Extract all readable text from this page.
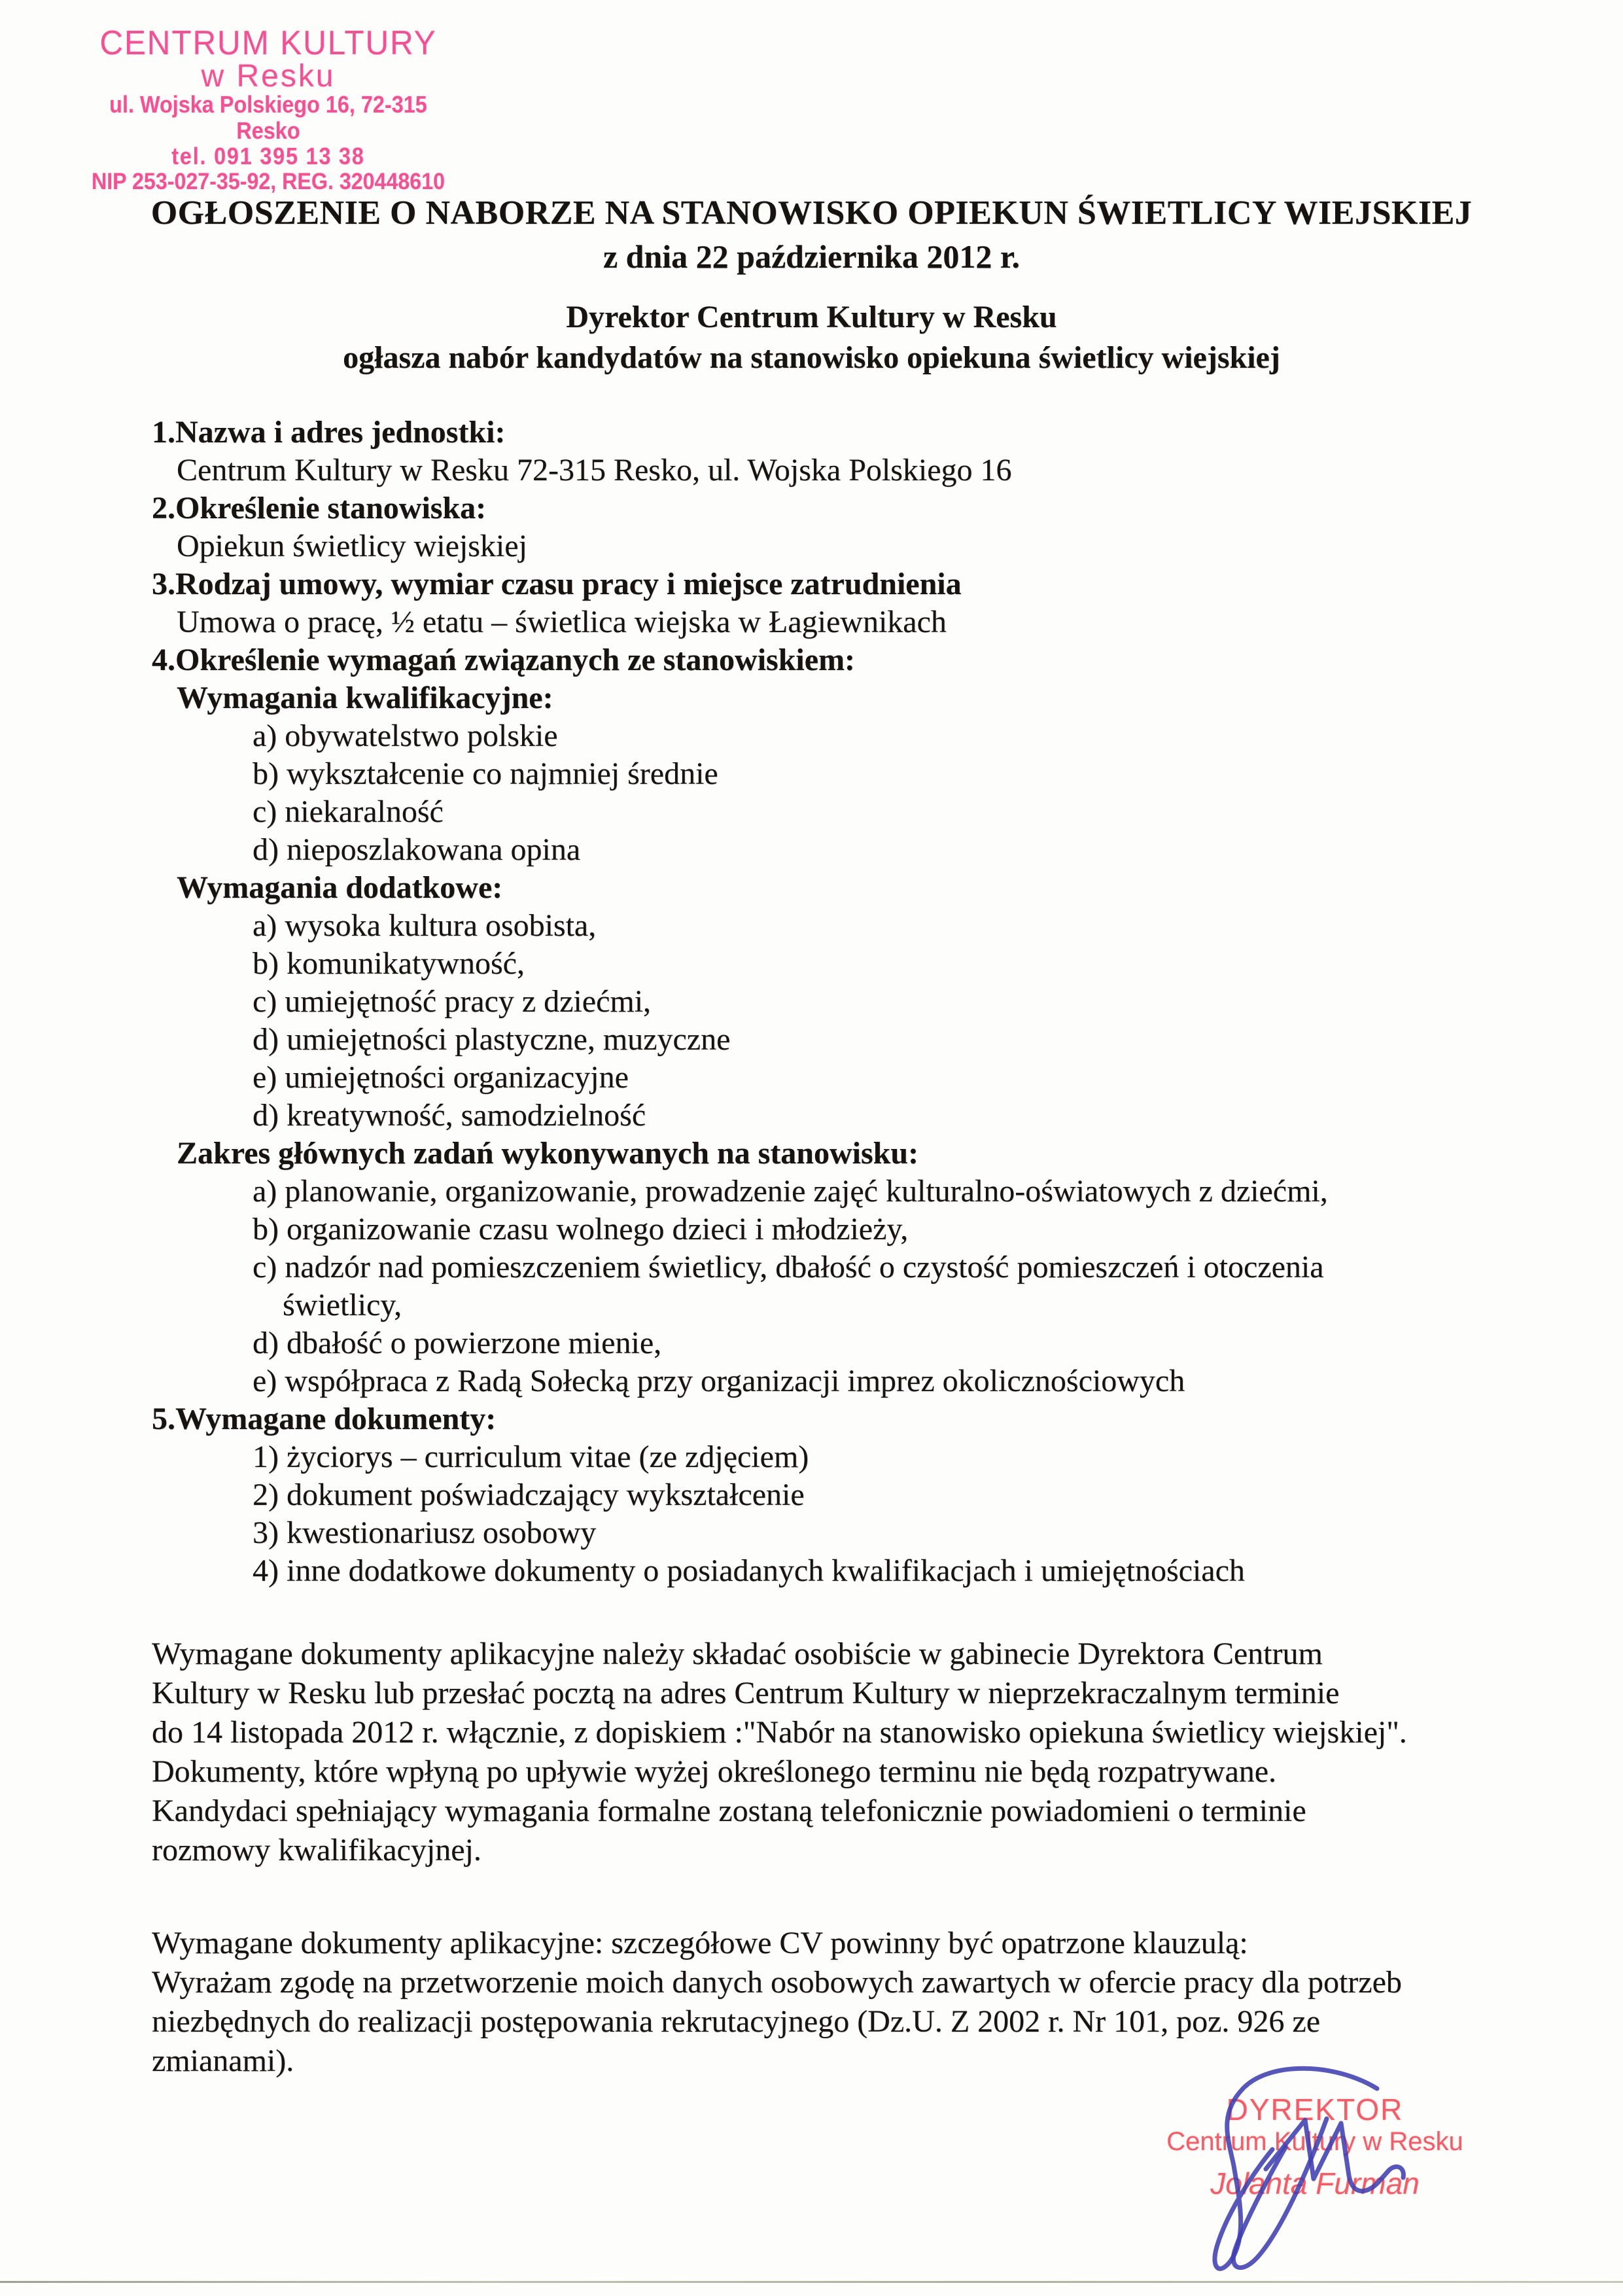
CENTRUM KULTURY
w Resku
ul. Wojska Polskiego 16, 72-315 Resko
tel. 091 395 13 38
NIP 253-027-35-92, REG. 320448610
OGŁOSZENIE O NABORZE NA STANOWISKO OPIEKUN ŚWIETLICY WIEJSKIEJ
z dnia 22 października 2012 r.
Dyrektor Centrum Kultury w Resku
ogłasza nabór kandydatów na stanowisko opiekuna świetlicy wiejskiej
1.Nazwa i adres jednostki:
Centrum Kultury w Resku 72-315 Resko, ul. Wojska Polskiego 16
2.Określenie stanowiska:
Opiekun świetlicy wiejskiej
3.Rodzaj umowy, wymiar czasu pracy i miejsce zatrudnienia
Umowa o pracę, ½ etatu – świetlica wiejska w Łagiewnikach
4.Określenie wymagań związanych ze stanowiskiem:
Wymagania kwalifikacyjne:
a) obywatelstwo polskie
b) wykształcenie co najmniej średnie
c) niekaralność
d) nieposzlakowana opina
Wymagania dodatkowe:
a) wysoka kultura osobista,
b) komunikatywność,
c) umiejętność pracy z dziećmi,
d) umiejętności plastyczne, muzyczne
e) umiejętności organizacyjne
d) kreatywność, samodzielność
Zakres głównych zadań wykonywanych na stanowisku:
a) planowanie, organizowanie, prowadzenie zajęć kulturalno-oświatowych z dziećmi,
b) organizowanie czasu wolnego dzieci i młodzieży,
c) nadzór nad pomieszczeniem świetlicy, dbałość o czystość pomieszczeń i otoczenia
świetlicy,
d) dbałość o powierzone mienie,
e) współpraca z Radą Sołecką przy organizacji imprez okolicznościowych
5.Wymagane dokumenty:
1) życiorys – curriculum vitae (ze zdjęciem)
2) dokument poświadczający wykształcenie
3) kwestionariusz osobowy
4) inne dodatkowe dokumenty o posiadanych kwalifikacjach i umiejętnościach
Wymagane dokumenty aplikacyjne należy składać osobiście w gabinecie Dyrektora Centrum
Kultury w Resku lub przesłać pocztą na adres Centrum Kultury w nieprzekraczalnym terminie
do 14 listopada 2012 r. włącznie, z dopiskiem :"Nabór na stanowisko opiekuna świetlicy wiejskiej".
Dokumenty, które wpłyną po upływie wyżej określonego terminu nie będą rozpatrywane.
Kandydaci spełniający wymagania formalne zostaną telefonicznie powiadomieni o terminie
rozmowy kwalifikacyjnej.
Wymagane dokumenty aplikacyjne: szczegółowe CV powinny być opatrzone klauzulą:
Wyrażam zgodę na przetworzenie moich danych osobowych zawartych w ofercie pracy dla potrzeb
niezbędnych do realizacji postępowania rekrutacyjnego (Dz.U. Z 2002 r. Nr 101, poz. 926 ze
zmianami).
DYREKTOR
Centrum Kultury w Resku
Jolanta Furman
